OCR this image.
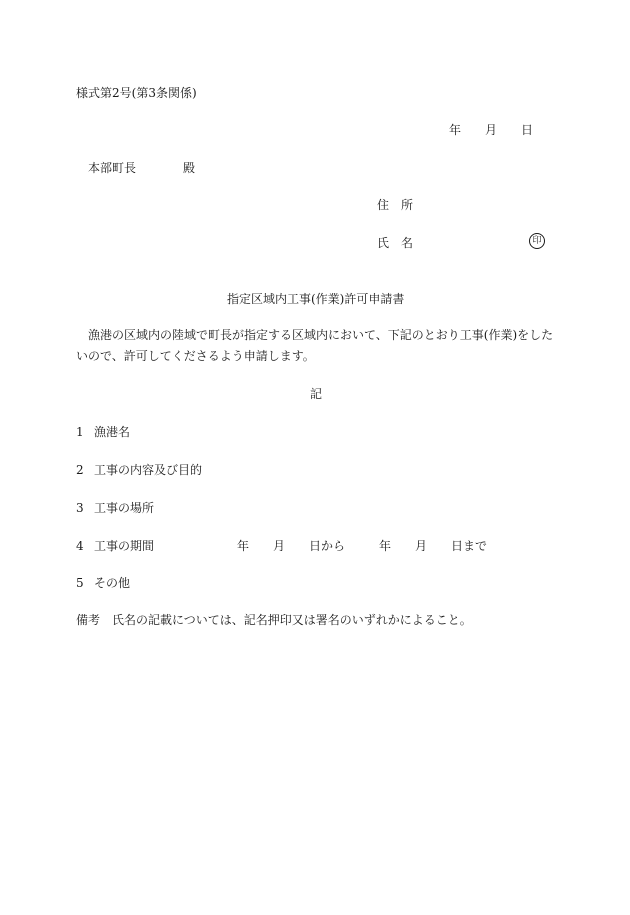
様式第2号(第3条関係)
年 月 日
本部町長	殿
住　所
氏　名	印
指定区域内工事(作業)許可申請書
漁港の区域内の陸域で町長が指定する区域内において、下記のとおり工事(作業)をしたいので、許可してくださるよう申請します。
記
1 漁港名
2 工事の内容及び目的
3 工事の場所
4 工事の期間	年 月 日から	年 月 日まで
5 その他
備考 氏名の記載については、記名押印又は署名のいずれかによること。
